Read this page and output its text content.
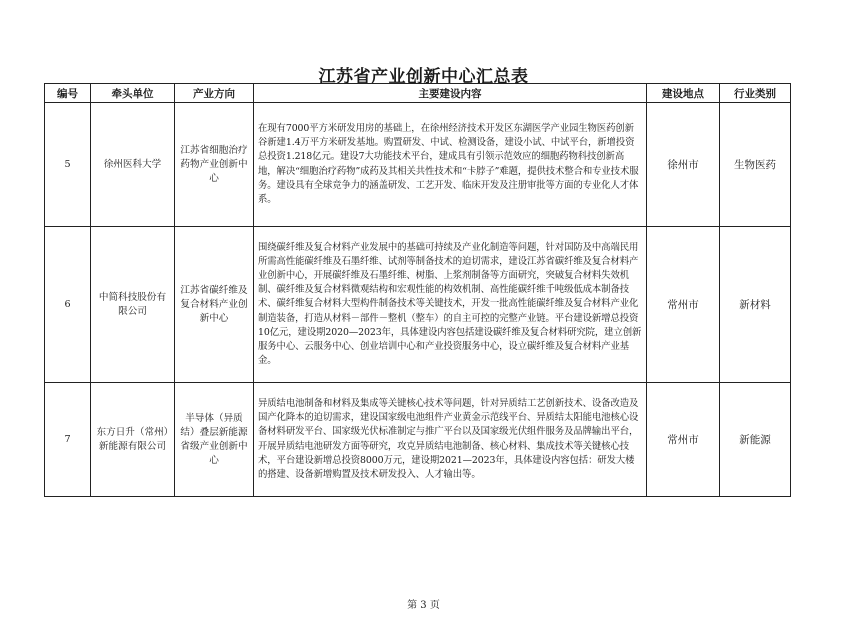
江苏省产业创新中心汇总表
编号	牵头单位	产业方向	主要建设内容	建设地点	行业类别
5	徐州医科大学	江苏省细胞治疗药物产业创新中心	在现有7000平方米研发用房的基础上，在徐州经济技术开发区东湖医学产业园生物医药创新谷新建1.4万平方米研发基地。购置研发、中试、检测设备，建设小试、中试平台，新增投资总投资1.218亿元。建设7大功能技术平台，建成具有引领示范效应的细胞药物科技创新高地，解决“细胞治疗药物”成药及其相关共性技术和“卡脖子”难题，提供技术整合和专业技术服务。建设具有全球竞争力的涵盖研发、工艺开发、临床开发及注册审批等方面的专业化人才体系。	徐州市	生物医药
6	中简科技股份有限公司	江苏省碳纤维及复合材料产业创新中心	围绕碳纤维及复合材料产业发展中的基础可持续及产业化制造等问题，针对国防及中高端民用所需高性能碳纤维及石墨纤维、试剂等制备技术的迫切需求，建设江苏省碳纤维及复合材料产业创新中心，开展碳纤维及石墨纤维、树脂、上浆剂制备等方面研究，突破复合材料失效机制、碳纤维及复合材料微观结构和宏观性能的构效机制、高性能碳纤维千吨级低成本制备技术、碳纤维复合材料大型构件制备技术等关键技术，开发一批高性能碳纤维及复合材料产业化制造装备，打造从材料－部件－整机（整车）的自主可控的完整产业链。平台建设新增总投资10亿元，建设期2020—2023年，具体建设内容包括建设碳纤维及复合材料研究院，建立创新服务中心、云服务中心、创业培训中心和产业投资服务中心，设立碳纤维及复合材料产业基金。	常州市	新材料
7	东方日升（常州）新能源有限公司	半导体（异质结）叠层新能源省级产业创新中心	异质结电池制备和材料及集成等关键核心技术等问题，针对异质结工艺创新技术、设备改造及国产化降本的迫切需求，建设国家级电池组件产业黄金示范线平台、异质结太阳能电池核心设备材料研发平台、国家级光伏标准制定与推广平台以及国家级光伏组件服务及品牌输出平台，开展异质结电池研发方面等研究，攻克异质结电池制备、核心材料、集成技术等关键核心技术，平台建设新增总投资8000万元，建设期2021—2023年，具体建设内容包括：研发大楼的搭建、设备新增购置及技术研发投入、人才输出等。	常州市	新能源
第 3 页
